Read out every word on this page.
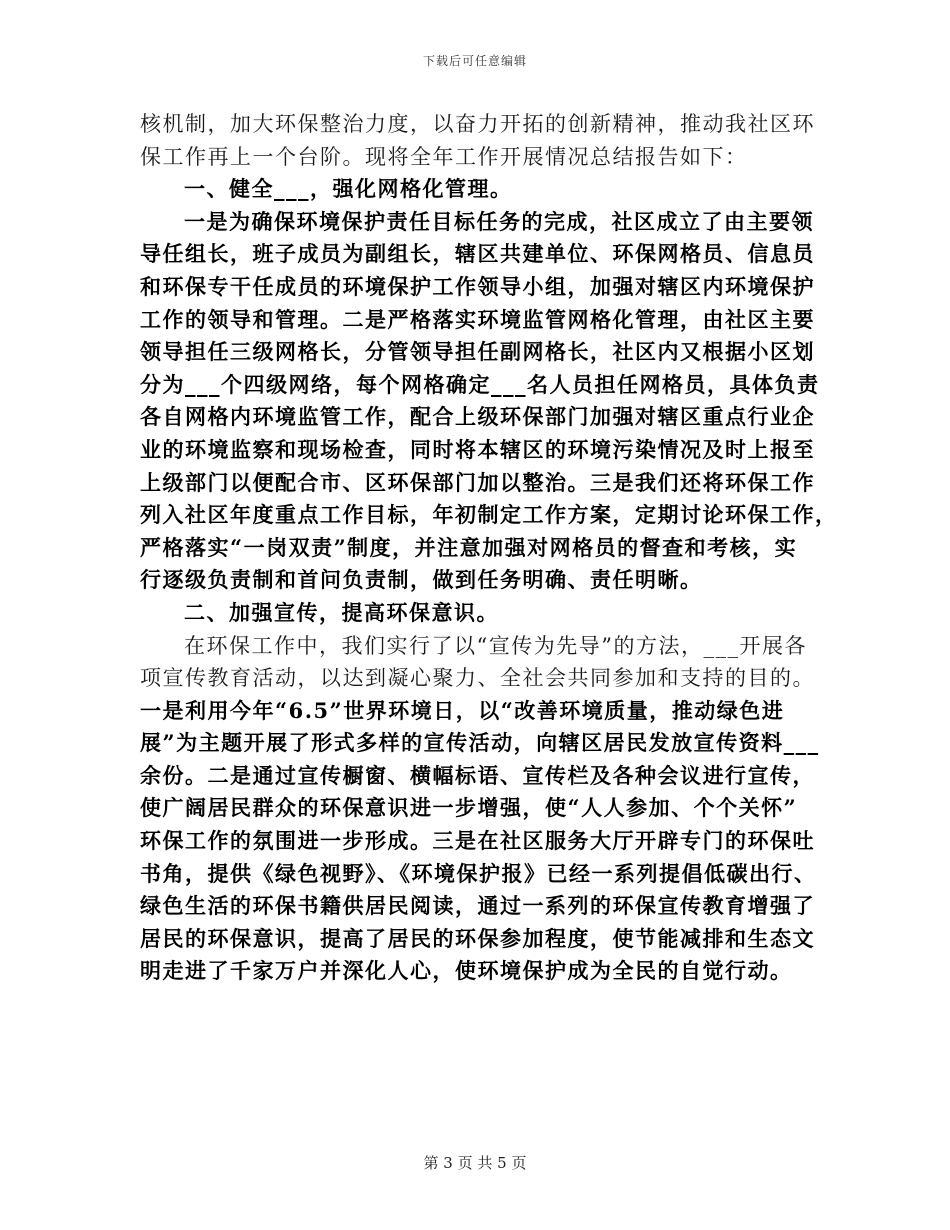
下载后可任意编辑
核机制，加大环保整治力度，以奋力开拓的创新精神，推动我社区环
保工作再上一个台阶。现将全年工作开展情况总结报告如下：
一、健全___，强化网格化管理。
一是为确保环境保护责任目标任务的完成，社区成立了由主要领
导任组长，班子成员为副组长，辖区共建单位、环保网格员、信息员
和环保专干任成员的环境保护工作领导小组，加强对辖区内环境保护
工作的领导和管理。二是严格落实环境监管网格化管理，由社区主要
领导担任三级网格长，分管领导担任副网格长，社区内又根据小区划
分为___个四级网络，每个网格确定___名人员担任网格员，具体负责
各自网格内环境监管工作，配合上级环保部门加强对辖区重点行业企
业的环境监察和现场检查，同时将本辖区的环境污染情况及时上报至
上级部门以便配合市、区环保部门加以整治。三是我们还将环保工作
列入社区年度重点工作目标，年初制定工作方案，定期讨论环保工作，
严格落实“一岗双责”制度，并注意加强对网格员的督查和考核，实
行逐级负责制和首问负责制，做到任务明确、责任明晰。
二、加强宣传，提高环保意识。
在环保工作中，我们实行了以“宣传为先导”的方法，___开展各
项宣传教育活动，以达到凝心聚力、全社会共同参加和支持的目的。
一是利用今年“6.5”世界环境日，以“改善环境质量，推动绿色进
展”为主题开展了形式多样的宣传活动，向辖区居民发放宣传资料___
余份。二是通过宣传橱窗、横幅标语、宣传栏及各种会议进行宣传，
使广阔居民群众的环保意识进一步增强，使“人人参加、个个关怀”
环保工作的氛围进一步形成。三是在社区服务大厅开辟专门的环保吐
书角，提供《绿色视野》、《环境保护报》已经一系列提倡低碳出行、
绿色生活的环保书籍供居民阅读，通过一系列的环保宣传教育增强了
居民的环保意识，提高了居民的环保参加程度，使节能减排和生态文
明走进了千家万户并深化人心，使环境保护成为全民的自觉行动。
第 3 页 共 5 页
